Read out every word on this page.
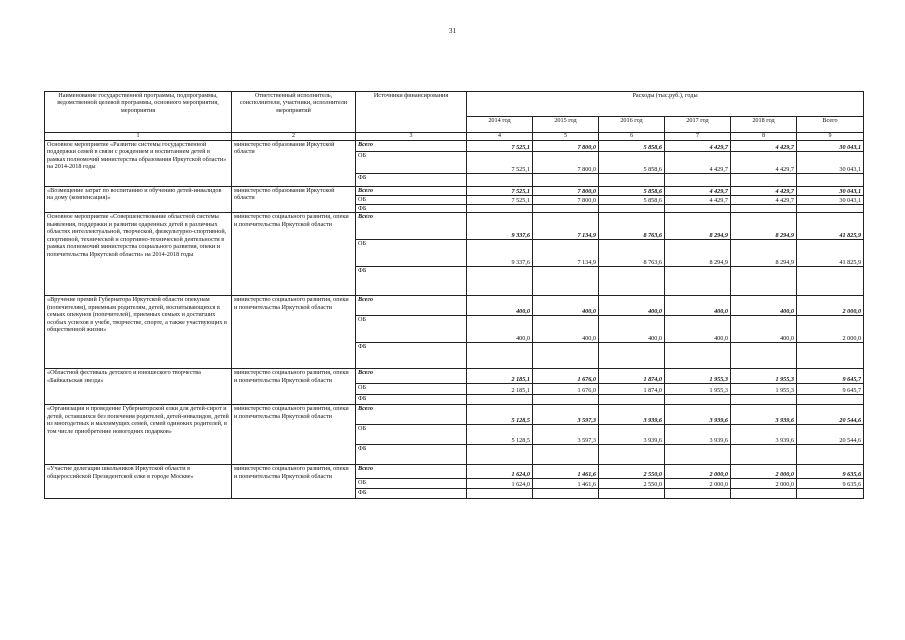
31
Наименование государственной программы, подпрограммы, ведомственной целевой программы, основного мероприятия, мероприятия	Ответственный исполнитель, соисполнители, участники, исполнители мероприятий	Источники финансирования	Расходы (тыс.руб.), годы					
			2014 год	2015 год	2016 год	2017 год	2018 год	Всего
1	2	3	4	5	6	7	8	9
Основное мероприятие «Развитие системы государственной поддержки семей в связи с рождением и воспитанием детей в рамках полномочий министерства образования Иркутской области» на 2014-2018 годы	министерство образования Иркутской области	Всего	7 525,1	7 800,0	5 858,6	4 429,7	4 429,7	30 043,1
		ОБ	7 525,1	7 800,0	5 858,6	4 429,7	4 429,7	30 043,1
		ФБ						
«Возмещение затрат по воспитанию и обучению детей-инвалидов на дому (компенсация)»	министерство образования Иркутской области	Всего	7 525,1	7 800,0	5 858,6	4 429,7	4 429,7	30 043,1
		ОБ	7 525,1	7 800,0	5 858,6	4 429,7	4 429,7	30 043,1
		ФБ						
Основное мероприятие «Совершенствование областной системы выявления, поддержки и развития одаренных детей в различных областях интеллектуальной, творческой, физкультурно-спортивной, спортивной, технической и спортивно-технической деятельности в рамках полномочий министерства социального развития, опеки и попечительства Иркутской области» на 2014-2018 годы	министерство социального развития, опеки и попечительства Иркутской области	Всего	9 337,6	7 134,9	8 763,6	8 294,9	8 294,9	41 825,9
		ОБ	9 337,6	7 134,9	8 763,6	8 294,9	8 294,9	41 825,9
		ФБ						
«Вручение премий Губернатора Иркутской области опекунам (попечителям), приемным родителям, детей, воспитывающихся в семьях опекунов (попечителей), приемных семьях и достигших особых успехов в учебе, творчестве, спорте, а также участвующих в общественной жизни»	министерство социального развития, опеки и попечительства Иркутской области	Всего	400,0	400,0	400,0	400,0	400,0	2 000,0
		ОБ	400,0	400,0	400,0	400,0	400,0	2 000,0
		ФБ						
«Областной фестиваль детского и юношеского творчества «Байкальская звезда»	министерство социального развития, опеки и попечительства Иркутской области	Всего	2 185,1	1 676,0	1 874,0	1 955,3	1 955,3	9 645,7
		ОБ	2 185,1	1 676,0	1 874,0	1 955,3	1 955,3	9 645,7
		ФБ						
«Организация и проведение Губернаторской елки для детей-сирот и детей, оставшихся без попечения родителей, детей-инвалидов, детей из многодетных и малоимущих семей, семей одиноких родителей, в том числе приобретение новогодних подарков»	министерство социального развития, опеки и попечительства Иркутской области	Всего	5 128,5	3 597,3	3 939,6	3 939,6	3 939,6	20 544,6
		ОБ	5 128,5	3 597,3	3 939,6	3 939,6	3 939,6	20 544,6
		ФБ						
«Участие делегации школьников Иркутской области в общероссийской Президентской елке в городе Москве»	министерство социального развития, опеки и попечительства Иркутской области	Всего	1 624,0	1 461,6	2 550,0	2 000,0	2 000,0	9 635,6
		ОБ	1 624,0	1 461,6	2 550,0	2 000,0	2 000,0	9 635,6
		ФБ						
